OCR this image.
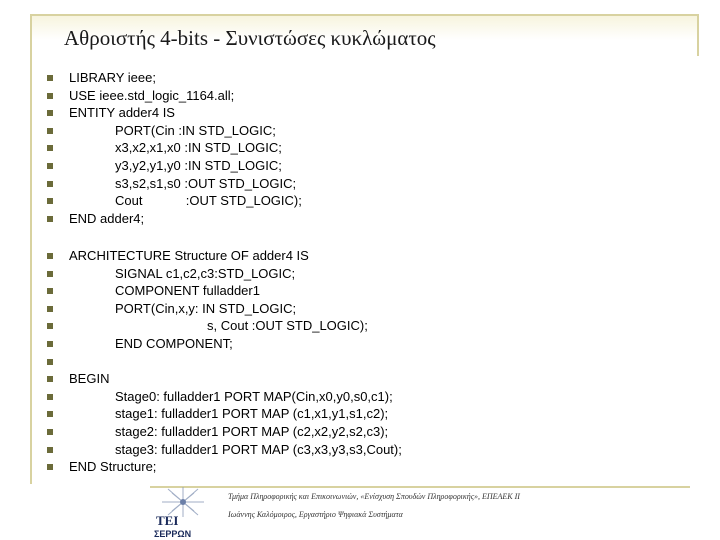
Αθροιστής 4-bits - Συνιστώσες κυκλώματος
LIBRARY ieee;
USE ieee.std_logic_1164.all;
ENTITY adder4 IS
PORT(Cin :IN STD_LOGIC;
x3,x2,x1,x0 :IN STD_LOGIC;
y3,y2,y1,y0 :IN STD_LOGIC;
s3,s2,s1,s0 :OUT STD_LOGIC;
Cout            :OUT STD_LOGIC);
END adder4;
ARCHITECTURE Structure OF adder4 IS
SIGNAL c1,c2,c3:STD_LOGIC;
COMPONENT fulladder1
PORT(Cin,x,y: IN STD_LOGIC;
s, Cout :OUT STD_LOGIC);
END COMPONENT;
BEGIN
Stage0: fulladder1 PORT MAP(Cin,x0,y0,s0,c1);
stage1: fulladder1 PORT MAP (c1,x1,y1,s1,c2);
stage2: fulladder1 PORT MAP (c2,x2,y2,s2,c3);
stage3: fulladder1 PORT MAP (c3,x3,y3,s3,Cout);
END Structure;
ΤΕΙ
ΣΕΡΡΩΝ
Τμήμα Πληροφορικής και Επικοινωνιών, «Ενίσχυση Σπουδών Πληροφορικής», ΕΠΕΑΕΚ ΙΙ
Ιωάννης Καλόμοιρος, Εργαστήριο Ψηφιακά Συστήματα
